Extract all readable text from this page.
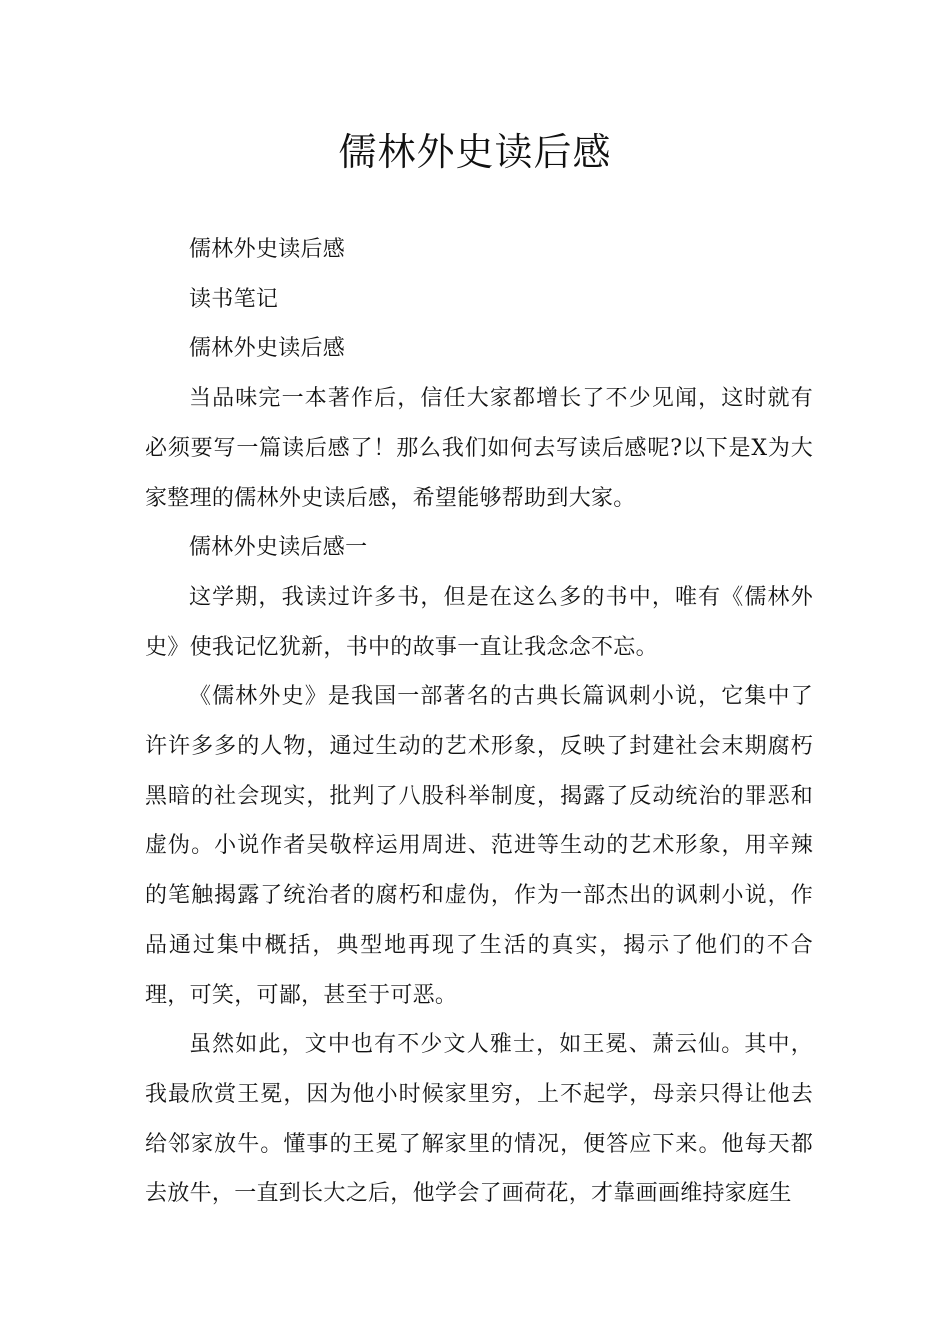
儒林外史读后感

儒林外史读后感

读书笔记

儒林外史读后感

当品味完一本著作后，信任大家都增长了不少见闻，这时就有必须要写一篇读后感了！那么我们如何去写读后感呢?以下是X为大家整理的儒林外史读后感，希望能够帮助到大家。

儒林外史读后感一

这学期，我读过许多书，但是在这么多的书中，唯有《儒林外史》使我记忆犹新，书中的故事一直让我念念不忘。

《儒林外史》是我国一部著名的古典长篇讽刺小说，它集中了许许多多的人物，通过生动的艺术形象，反映了封建社会末期腐朽黑暗的社会现实，批判了八股科举制度，揭露了反动统治的罪恶和虚伪。小说作者吴敬梓运用周进、范进等生动的艺术形象，用辛辣的笔触揭露了统治者的腐朽和虚伪，作为一部杰出的讽刺小说，作品通过集中概括，典型地再现了生活的真实，揭示了他们的不合理，可笑，可鄙，甚至于可恶。

虽然如此，文中也有不少文人雅士，如王冕、萧云仙。其中，我最欣赏王冕，因为他小时候家里穷，上不起学，母亲只得让他去给邻家放牛。懂事的王冕了解家里的情况，便答应下来。他每天都去放牛，一直到长大之后，他学会了画荷花，才靠画画维持家庭生
